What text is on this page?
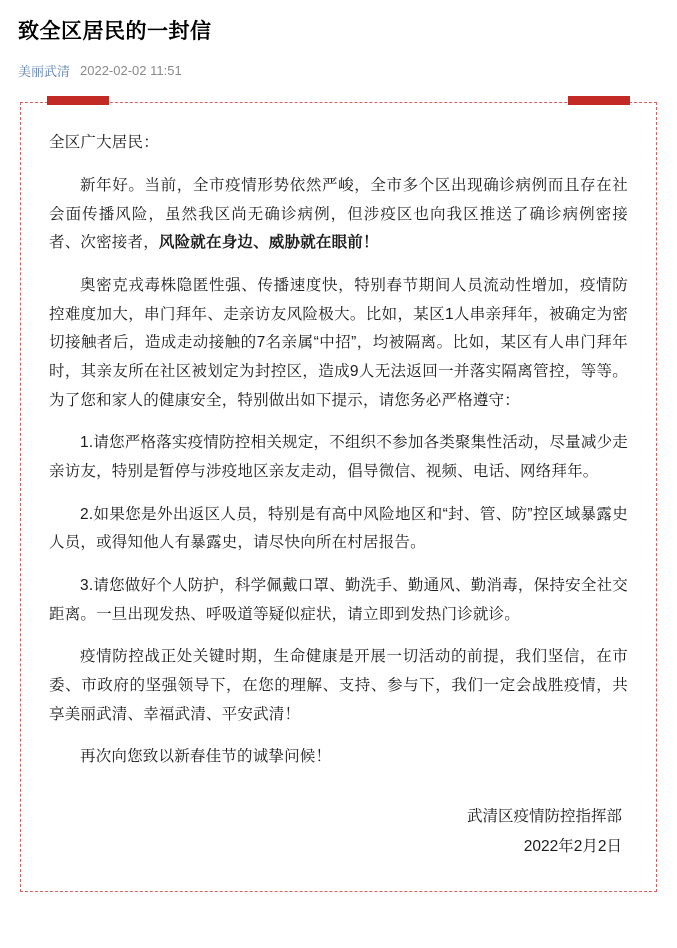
致全区居民的一封信
美丽武清 2022-02-02 11:51

全区广大居民：

新年好。当前，全市疫情形势依然严峻，全市多个区出现确诊病例而且存在社会面传播风险，虽然我区尚无确诊病例，但涉疫区也向我区推送了确诊病例密接者、次密接者，风险就在身边、威胁就在眼前！

奥密克戎毒株隐匿性强、传播速度快，特别春节期间人员流动性增加，疫情防控难度加大，串门拜年、走亲访友风险极大。比如，某区1人串亲拜年，被确定为密切接触者后，造成走动接触的7名亲属“中招”，均被隔离。比如，某区有人串门拜年时，其亲友所在社区被划定为封控区，造成9人无法返回一并落实隔离管控，等等。为了您和家人的健康安全，特别做出如下提示，请您务必严格遵守：

1.请您严格落实疫情防控相关规定，不组织不参加各类聚集性活动，尽量减少走亲访友，特别是暂停与涉疫地区亲友走动，倡导微信、视频、电话、网络拜年。

2.如果您是外出返区人员，特别是有高中风险地区和“封、管、防”控区域暴露史人员，或得知他人有暴露史，请尽快向所在村居报告。

3.请您做好个人防护，科学佩戴口罩、勤洗手、勤通风、勤消毒，保持安全社交距离。一旦出现发热、呼吸道等疑似症状，请立即到发热门诊就诊。

疫情防控战正处关键时期，生命健康是开展一切活动的前提，我们坚信，在市委、市政府的坚强领导下，在您的理解、支持、参与下，我们一定会战胜疫情，共享美丽武清、幸福武清、平安武清！

再次向您致以新春佳节的诚挚问候！

武清区疫情防控指挥部
2022年2月2日
